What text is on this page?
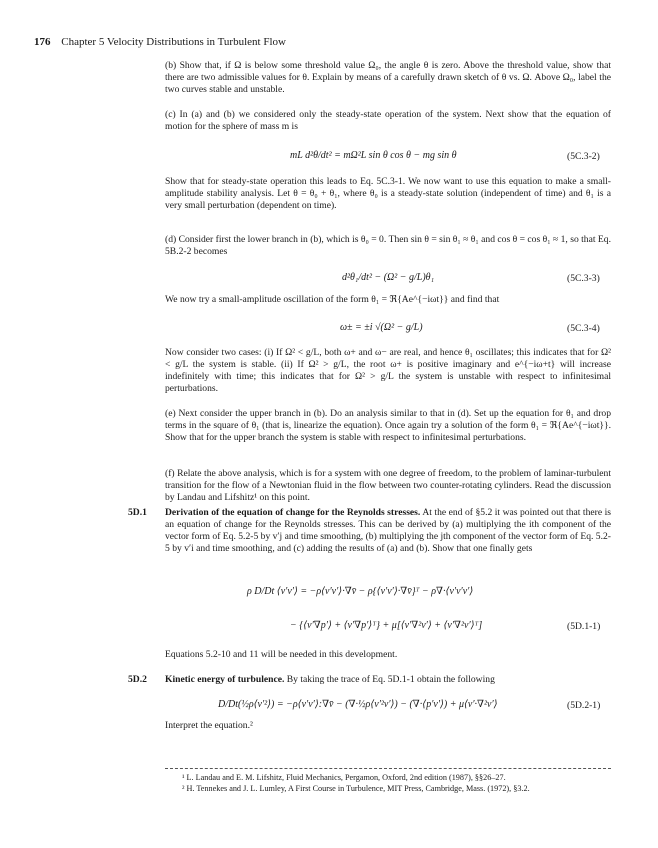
176 Chapter 5 Velocity Distributions in Turbulent Flow
(b) Show that, if Ω is below some threshold value Ω₀, the angle θ is zero. Above the threshold value, show that there are two admissible values for θ. Explain by means of a carefully drawn sketch of θ vs. Ω. Above Ω₀, label the two curves stable and unstable.
(c) In (a) and (b) we considered only the steady-state operation of the system. Next show that the equation of motion for the sphere of mass m is
mL d²θ/dt² = mΩ²L sin θ cos θ − mg sin θ	(5C.3-2)
Show that for steady-state operation this leads to Eq. 5C.3-1. We now want to use this equation to make a small-amplitude stability analysis. Let θ = θ₀ + θ₁, where θ₀ is a steady-state solution (independent of time) and θ₁ is a very small perturbation (dependent on time).
(d) Consider first the lower branch in (b), which is θ₀ = 0. Then sin θ = sin θ₁ ≈ θ₁ and cos θ = cos θ₁ ≈ 1, so that Eq. 5B.2-2 becomes
d²θ₁/dt² − (Ω² − g/L)θ₁	(5C.3-3)
We now try a small-amplitude oscillation of the form θ₁ = ℜ{Ae^{−iωt}} and find that
ω± = ±i √(Ω² − g/L)	(5C.3-4)
Now consider two cases: (i) If Ω² < g/L, both ω+ and ω− are real, and hence θ₁ oscillates; this indicates that for Ω² < g/L the system is stable. (ii) If Ω² > g/L, the root ω+ is positive imaginary and e^{−iω+t} will increase indefinitely with time; this indicates that for Ω² > g/L the system is unstable with respect to infinitesimal perturbations.
(e) Next consider the upper branch in (b). Do an analysis similar to that in (d). Set up the equation for θ₁ and drop terms in the square of θ₁ (that is, linearize the equation). Once again try a solution of the form θ₁ = ℜ{Ae^{−iωt}}. Show that for the upper branch the system is stable with respect to infinitesimal perturbations.
(f) Relate the above analysis, which is for a system with one degree of freedom, to the problem of laminar-turbulent transition for the flow of a Newtonian fluid in the flow between two counter-rotating cylinders. Read the discussion by Landau and Lifshitz¹ on this point.
5D.1 Derivation of the equation of change for the Reynolds stresses. At the end of §5.2 it was pointed out that there is an equation of change for the Reynolds stresses. This can be derived by (a) multiplying the ith component of the vector form of Eq. 5.2-5 by v′j and time smoothing, (b) multiplying the jth component of the vector form of Eq. 5.2-5 by v′i and time smoothing, and (c) adding the results of (a) and (b). Show that one finally gets
ρ D/Dt ⟨v′v′⟩ = −ρ⟨v′v′⟩·∇v̄ − ρ{⟨v′v′⟩·∇v̄}ᵀ − ρ∇·⟨v′v′v′⟩
− {⟨v′∇p′⟩ + ⟨v′∇p′⟩ᵀ} + μ[⟨v′∇²v′⟩ + ⟨v′∇²v′⟩ᵀ]	(5D.1-1)
Equations 5.2-10 and 11 will be needed in this development.
5D.2 Kinetic energy of turbulence. By taking the trace of Eq. 5D.1-1 obtain the following
D/Dt(½ρ⟨v′²⟩) = −ρ⟨v′v′⟩:∇v̄ − (∇·½ρ⟨v′²v′⟩) − (∇·⟨p′v′⟩) + μ⟨v′·∇²v′⟩	(5D.2-1)
Interpret the equation.²
¹ L. Landau and E. M. Lifshitz, Fluid Mechanics, Pergamon, Oxford, 2nd edition (1987), §§26–27.
² H. Tennekes and J. L. Lumley, A First Course in Turbulence, MIT Press, Cambridge, Mass. (1972), §3.2.
